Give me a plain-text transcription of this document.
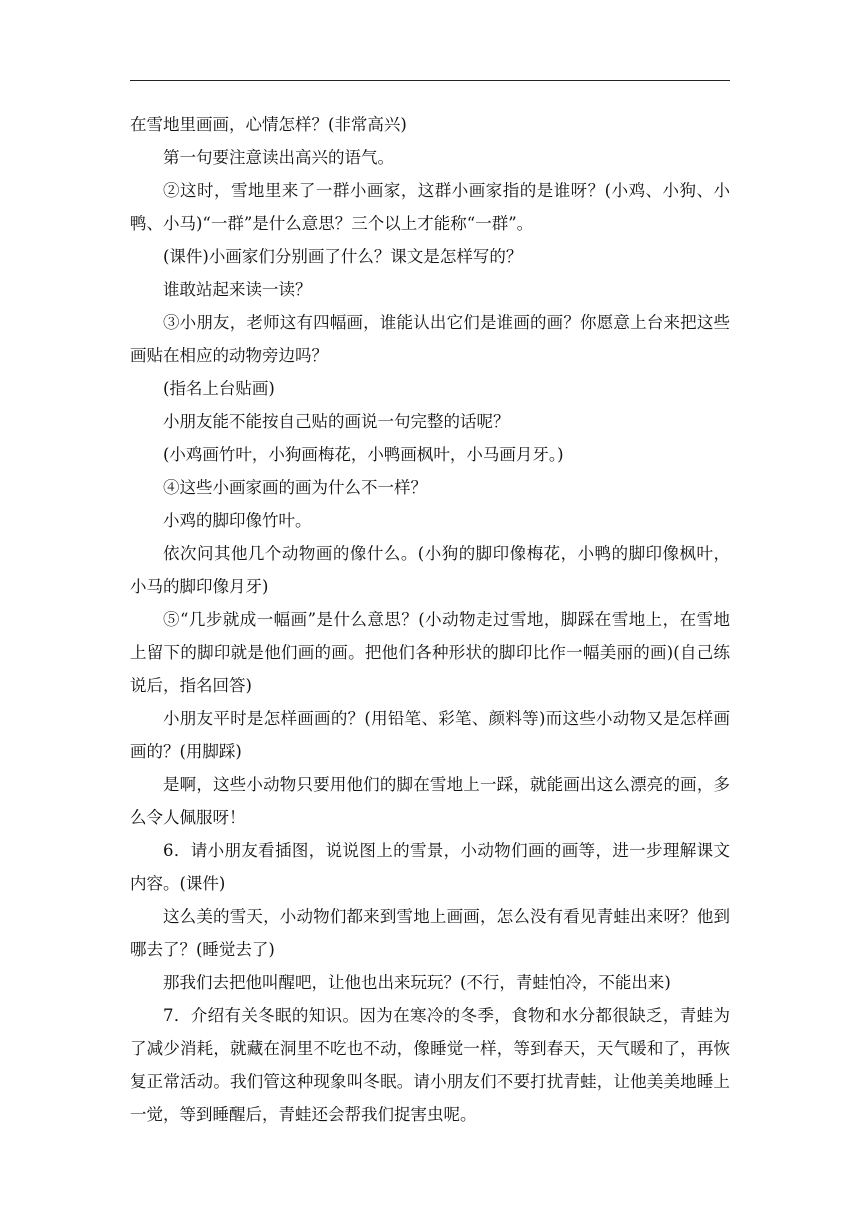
在雪地里画画，心情怎样？(非常高兴)

第一句要注意读出高兴的语气。

②这时，雪地里来了一群小画家，这群小画家指的是谁呀？(小鸡、小狗、小鸭、小马)“一群”是什么意思？三个以上才能称“一群”。

(课件)小画家们分别画了什么？课文是怎样写的？

谁敢站起来读一读？

③小朋友，老师这有四幅画，谁能认出它们是谁画的画？你愿意上台来把这些画贴在相应的动物旁边吗？

(指名上台贴画)

小朋友能不能按自己贴的画说一句完整的话呢？

(小鸡画竹叶，小狗画梅花，小鸭画枫叶，小马画月牙。)

④这些小画家画的画为什么不一样？

小鸡的脚印像竹叶。

依次问其他几个动物画的像什么。(小狗的脚印像梅花，小鸭的脚印像枫叶，小马的脚印像月牙)

⑤“几步就成一幅画”是什么意思？(小动物走过雪地，脚踩在雪地上，在雪地上留下的脚印就是他们画的画。把他们各种形状的脚印比作一幅美丽的画)(自己练说后，指名回答)

小朋友平时是怎样画画的？(用铅笔、彩笔、颜料等)而这些小动物又是怎样画画的？(用脚踩)

是啊，这些小动物只要用他们的脚在雪地上一踩，就能画出这么漂亮的画，多么令人佩服呀！

6．请小朋友看插图，说说图上的雪景，小动物们画的画等，进一步理解课文内容。(课件)

这么美的雪天，小动物们都来到雪地上画画，怎么没有看见青蛙出来呀？他到哪去了？(睡觉去了)

那我们去把他叫醒吧，让他也出来玩玩？(不行，青蛙怕冷，不能出来)

7．介绍有关冬眠的知识。因为在寒冷的冬季，食物和水分都很缺乏，青蛙为了减少消耗，就藏在洞里不吃也不动，像睡觉一样，等到春天，天气暖和了，再恢复正常活动。我们管这种现象叫冬眠。请小朋友们不要打扰青蛙，让他美美地睡上一觉，等到睡醒后，青蛙还会帮我们捉害虫呢。
